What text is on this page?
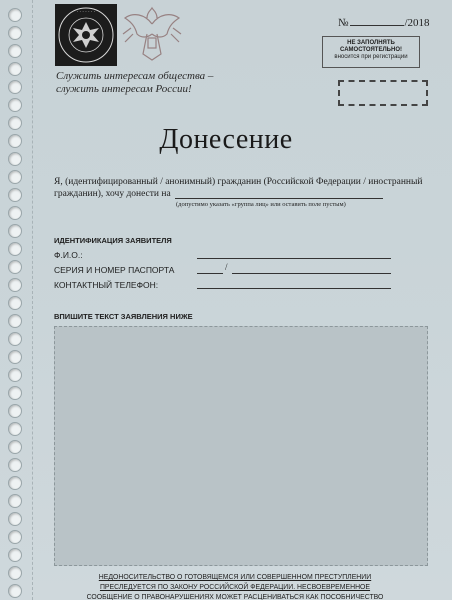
· · · · · · ·
Служить интересам общества –
служить интересам России!
№	/2018
НЕ ЗАПОЛНЯТЬ
САМОСТОЯТЕЛЬНО!
вносится при регистрации
Донесение
Я, (идентифицированный / анонимный) гражданин (Российской Федерации / иностранный
гражданин), хочу донести на
(допустимо указать «группа лиц» или оставить поле пустым)
ИДЕНТИФИКАЦИЯ ЗАЯВИТЕЛЯ
Ф.И.О.:
СЕРИЯ И НОМЕР ПАСПОРТА	/
КОНТАКТНЫЙ ТЕЛЕФОН:
ВПИШИТЕ ТЕКСТ ЗАЯВЛЕНИЯ НИЖЕ
НЕДОНОСИТЕЛЬСТВО О ГОТОВЯЩЕМСЯ ИЛИ СОВЕРШЕННОМ ПРЕСТУПЛЕНИИ
ПРЕСЛЕДУЕТСЯ ПО ЗАКОНУ РОССИЙСКОЙ ФЕДЕРАЦИИ. НЕСВОЕВРЕМЕННОЕ
СООБЩЕНИЕ О ПРАВОНАРУШЕНИЯХ МОЖЕТ РАСЦЕНИВАТЬСЯ КАК ПОСОБНИЧЕСТВО
